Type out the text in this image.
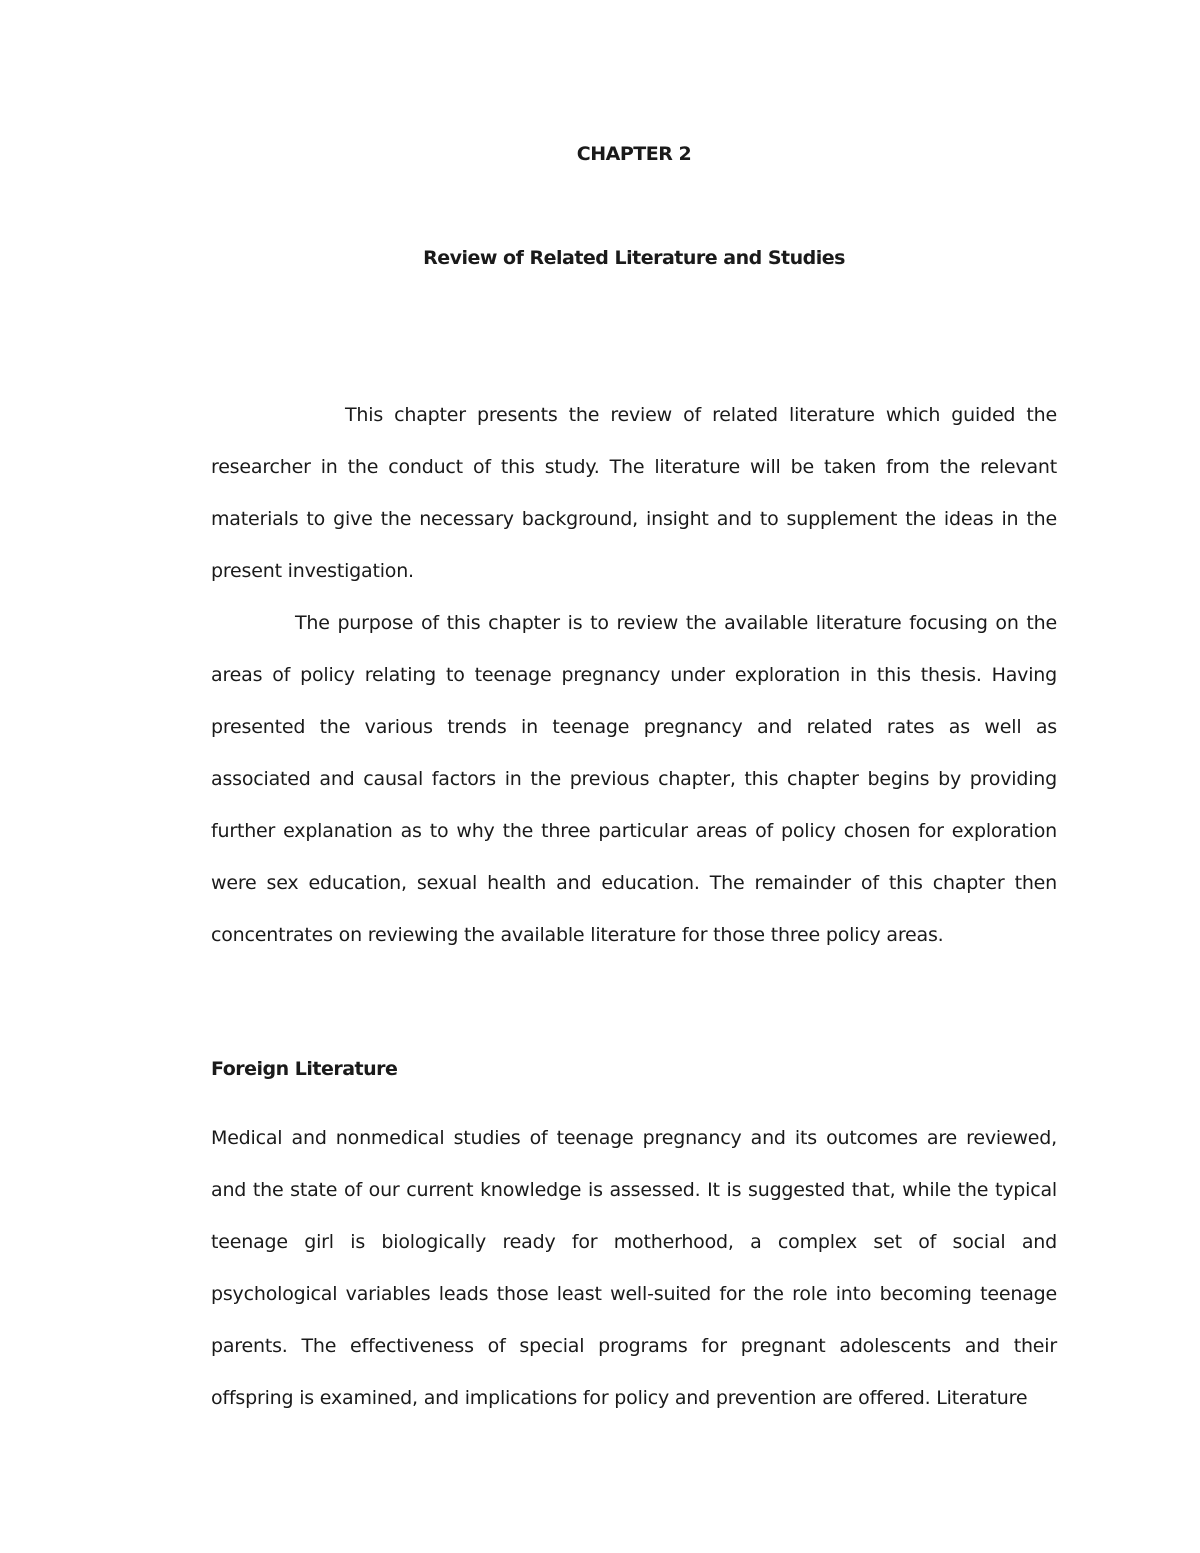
CHAPTER 2
Review of Related Literature and Studies

This chapter presents the review of related literature which guided the researcher in the conduct of this study. The literature will be taken from the relevant materials to give the necessary background, insight and to supplement the ideas in the present investigation.

The purpose of this chapter is to review the available literature focusing on the areas of policy relating to teenage pregnancy under exploration in this thesis. Having presented the various trends in teenage pregnancy and related rates as well as associated and causal factors in the previous chapter, this chapter begins by providing further explanation as to why the three particular areas of policy chosen for exploration were sex education, sexual health and education. The remainder of this chapter then concentrates on reviewing the available literature for those three policy areas.

Foreign Literature

Medical and nonmedical studies of teenage pregnancy and its outcomes are reviewed, and the state of our current knowledge is assessed. It is suggested that, while the typical teenage girl is biologically ready for motherhood, a complex set of social and psychological variables leads those least well-suited for the role into becoming teenage parents. The effectiveness of special programs for pregnant adolescents and their offspring is examined, and implications for policy and prevention are offered. Literature
